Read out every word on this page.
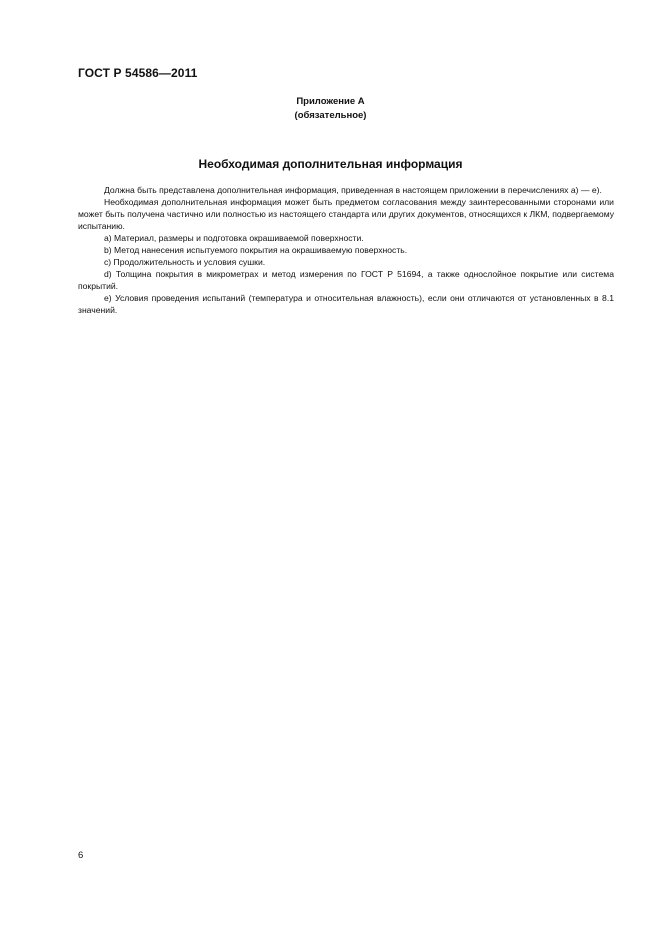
ГОСТ Р 54586—2011
Приложение А
(обязательное)
Необходимая дополнительная информация

Должна быть представлена дополнительная информация, приведенная в настоящем приложении в перечислениях а) — е).

Необходимая дополнительная информация может быть предметом согласования между заинтересованными сторонами или может быть получена частично или полностью из настоящего стандарта или других документов, относящихся к ЛКМ, подвергаемому испытанию.

а) Материал, размеры и подготовка окрашиваемой поверхности.

b) Метод нанесения испытуемого покрытия на окрашиваемую поверхность.

c) Продолжительность и условия сушки.

d) Толщина покрытия в микрометрах и метод измерения по ГОСТ Р 51694, а также однослойное покрытие или система покрытий.

е) Условия проведения испытаний (температура и относительная влажность), если они отличаются от установленных в 8.1 значений.

6
